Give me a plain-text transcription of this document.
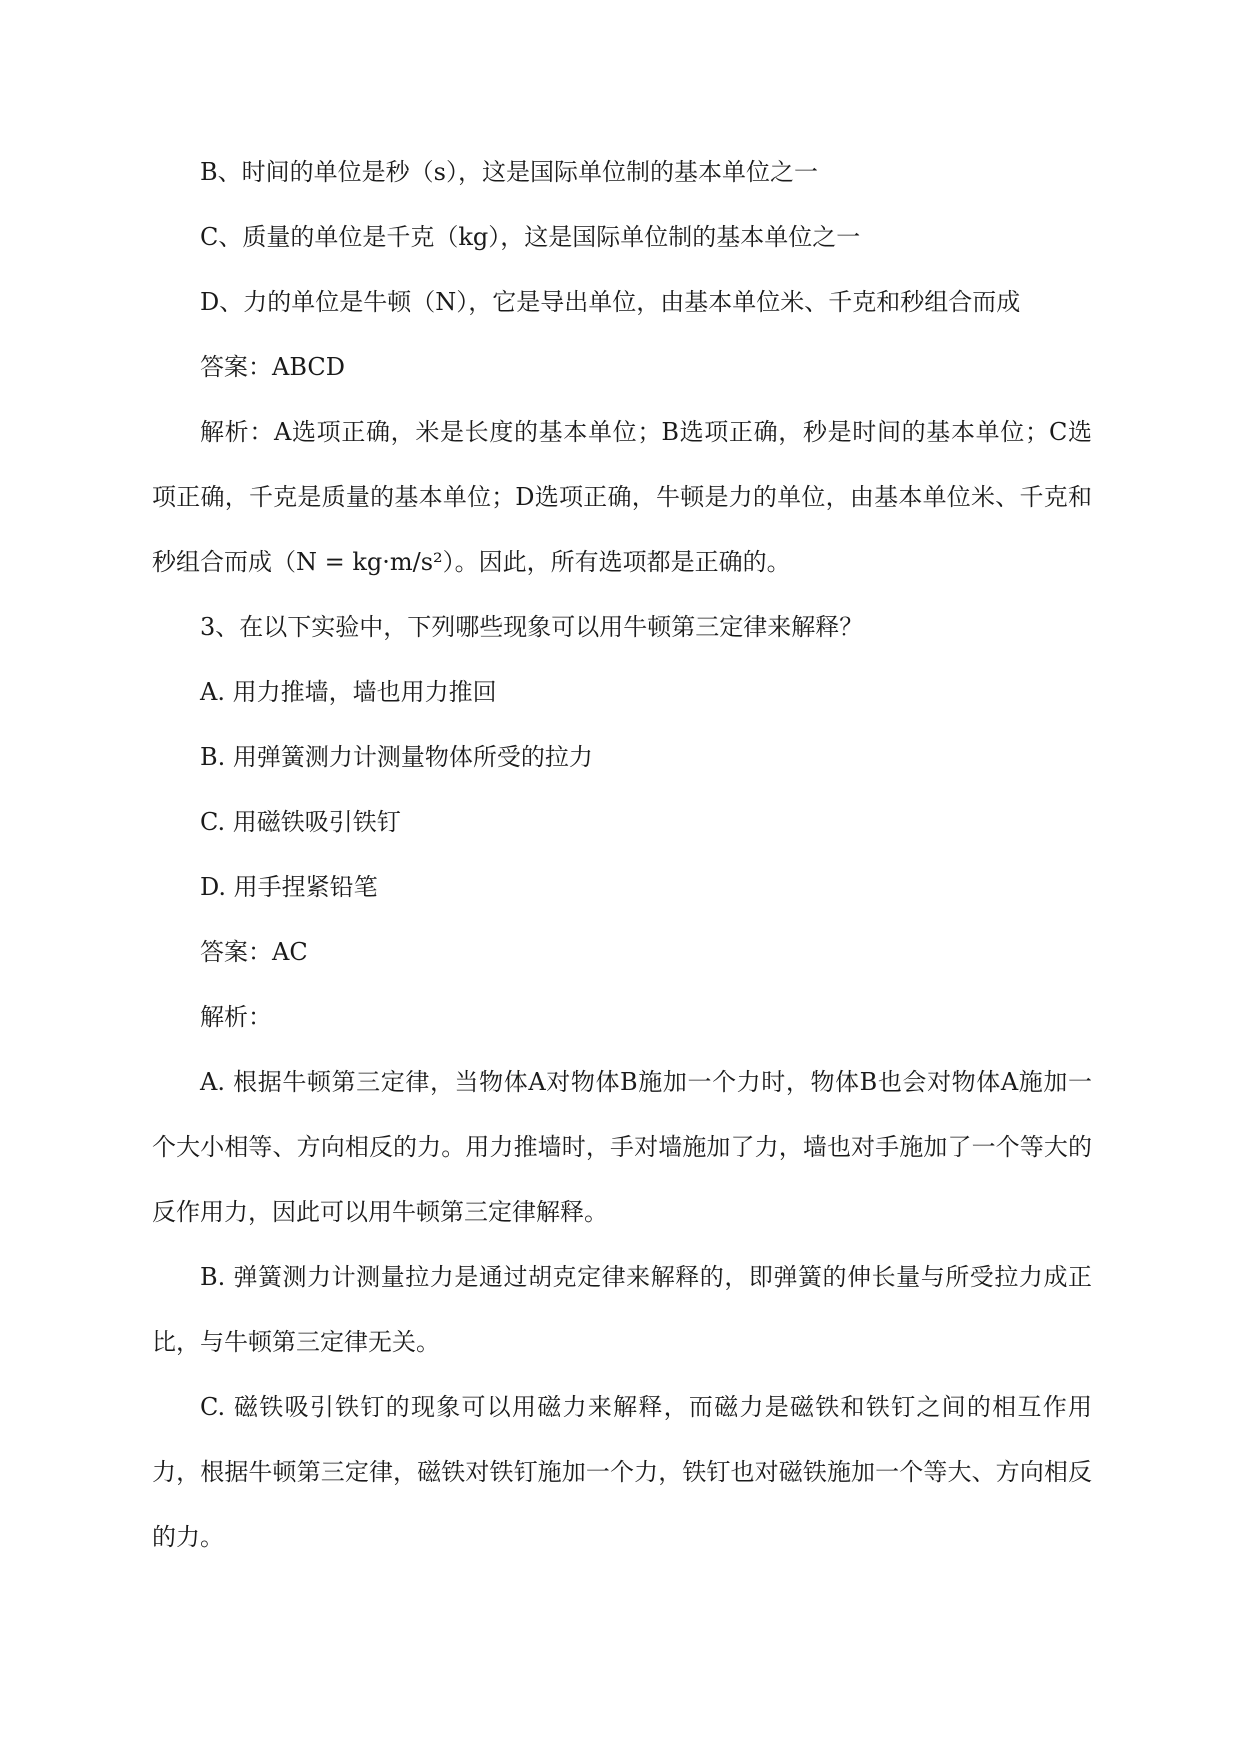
B、时间的单位是秒（s），这是国际单位制的基本单位之一
C、质量的单位是千克（kg），这是国际单位制的基本单位之一
D、力的单位是牛顿（N），它是导出单位，由基本单位米、千克和秒组合而成
答案：ABCD

解析：A选项正确，米是长度的基本单位；B选项正确，秒是时间的基本单位；C选项正确，千克是质量的基本单位；D选项正确，牛顿是力的单位，由基本单位米、千克和秒组合而成（N = kg·m/s²）。因此，所有选项都是正确的。

3、在以下实验中，下列哪些现象可以用牛顿第三定律来解释？
A. 用力推墙，墙也用力推回
B. 用弹簧测力计测量物体所受的拉力
C. 用磁铁吸引铁钉
D. 用手捏紧铅笔
答案：AC
解析：

A. 根据牛顿第三定律，当物体A对物体B施加一个力时，物体B也会对物体A施加一个大小相等、方向相反的力。用力推墙时，手对墙施加了力，墙也对手施加了一个等大的反作用力，因此可以用牛顿第三定律解释。

B. 弹簧测力计测量拉力是通过胡克定律来解释的，即弹簧的伸长量与所受拉力成正比，与牛顿第三定律无关。

C. 磁铁吸引铁钉的现象可以用磁力来解释，而磁力是磁铁和铁钉之间的相互作用力，根据牛顿第三定律，磁铁对铁钉施加一个力，铁钉也对磁铁施加一个等大、方向相反的力。
